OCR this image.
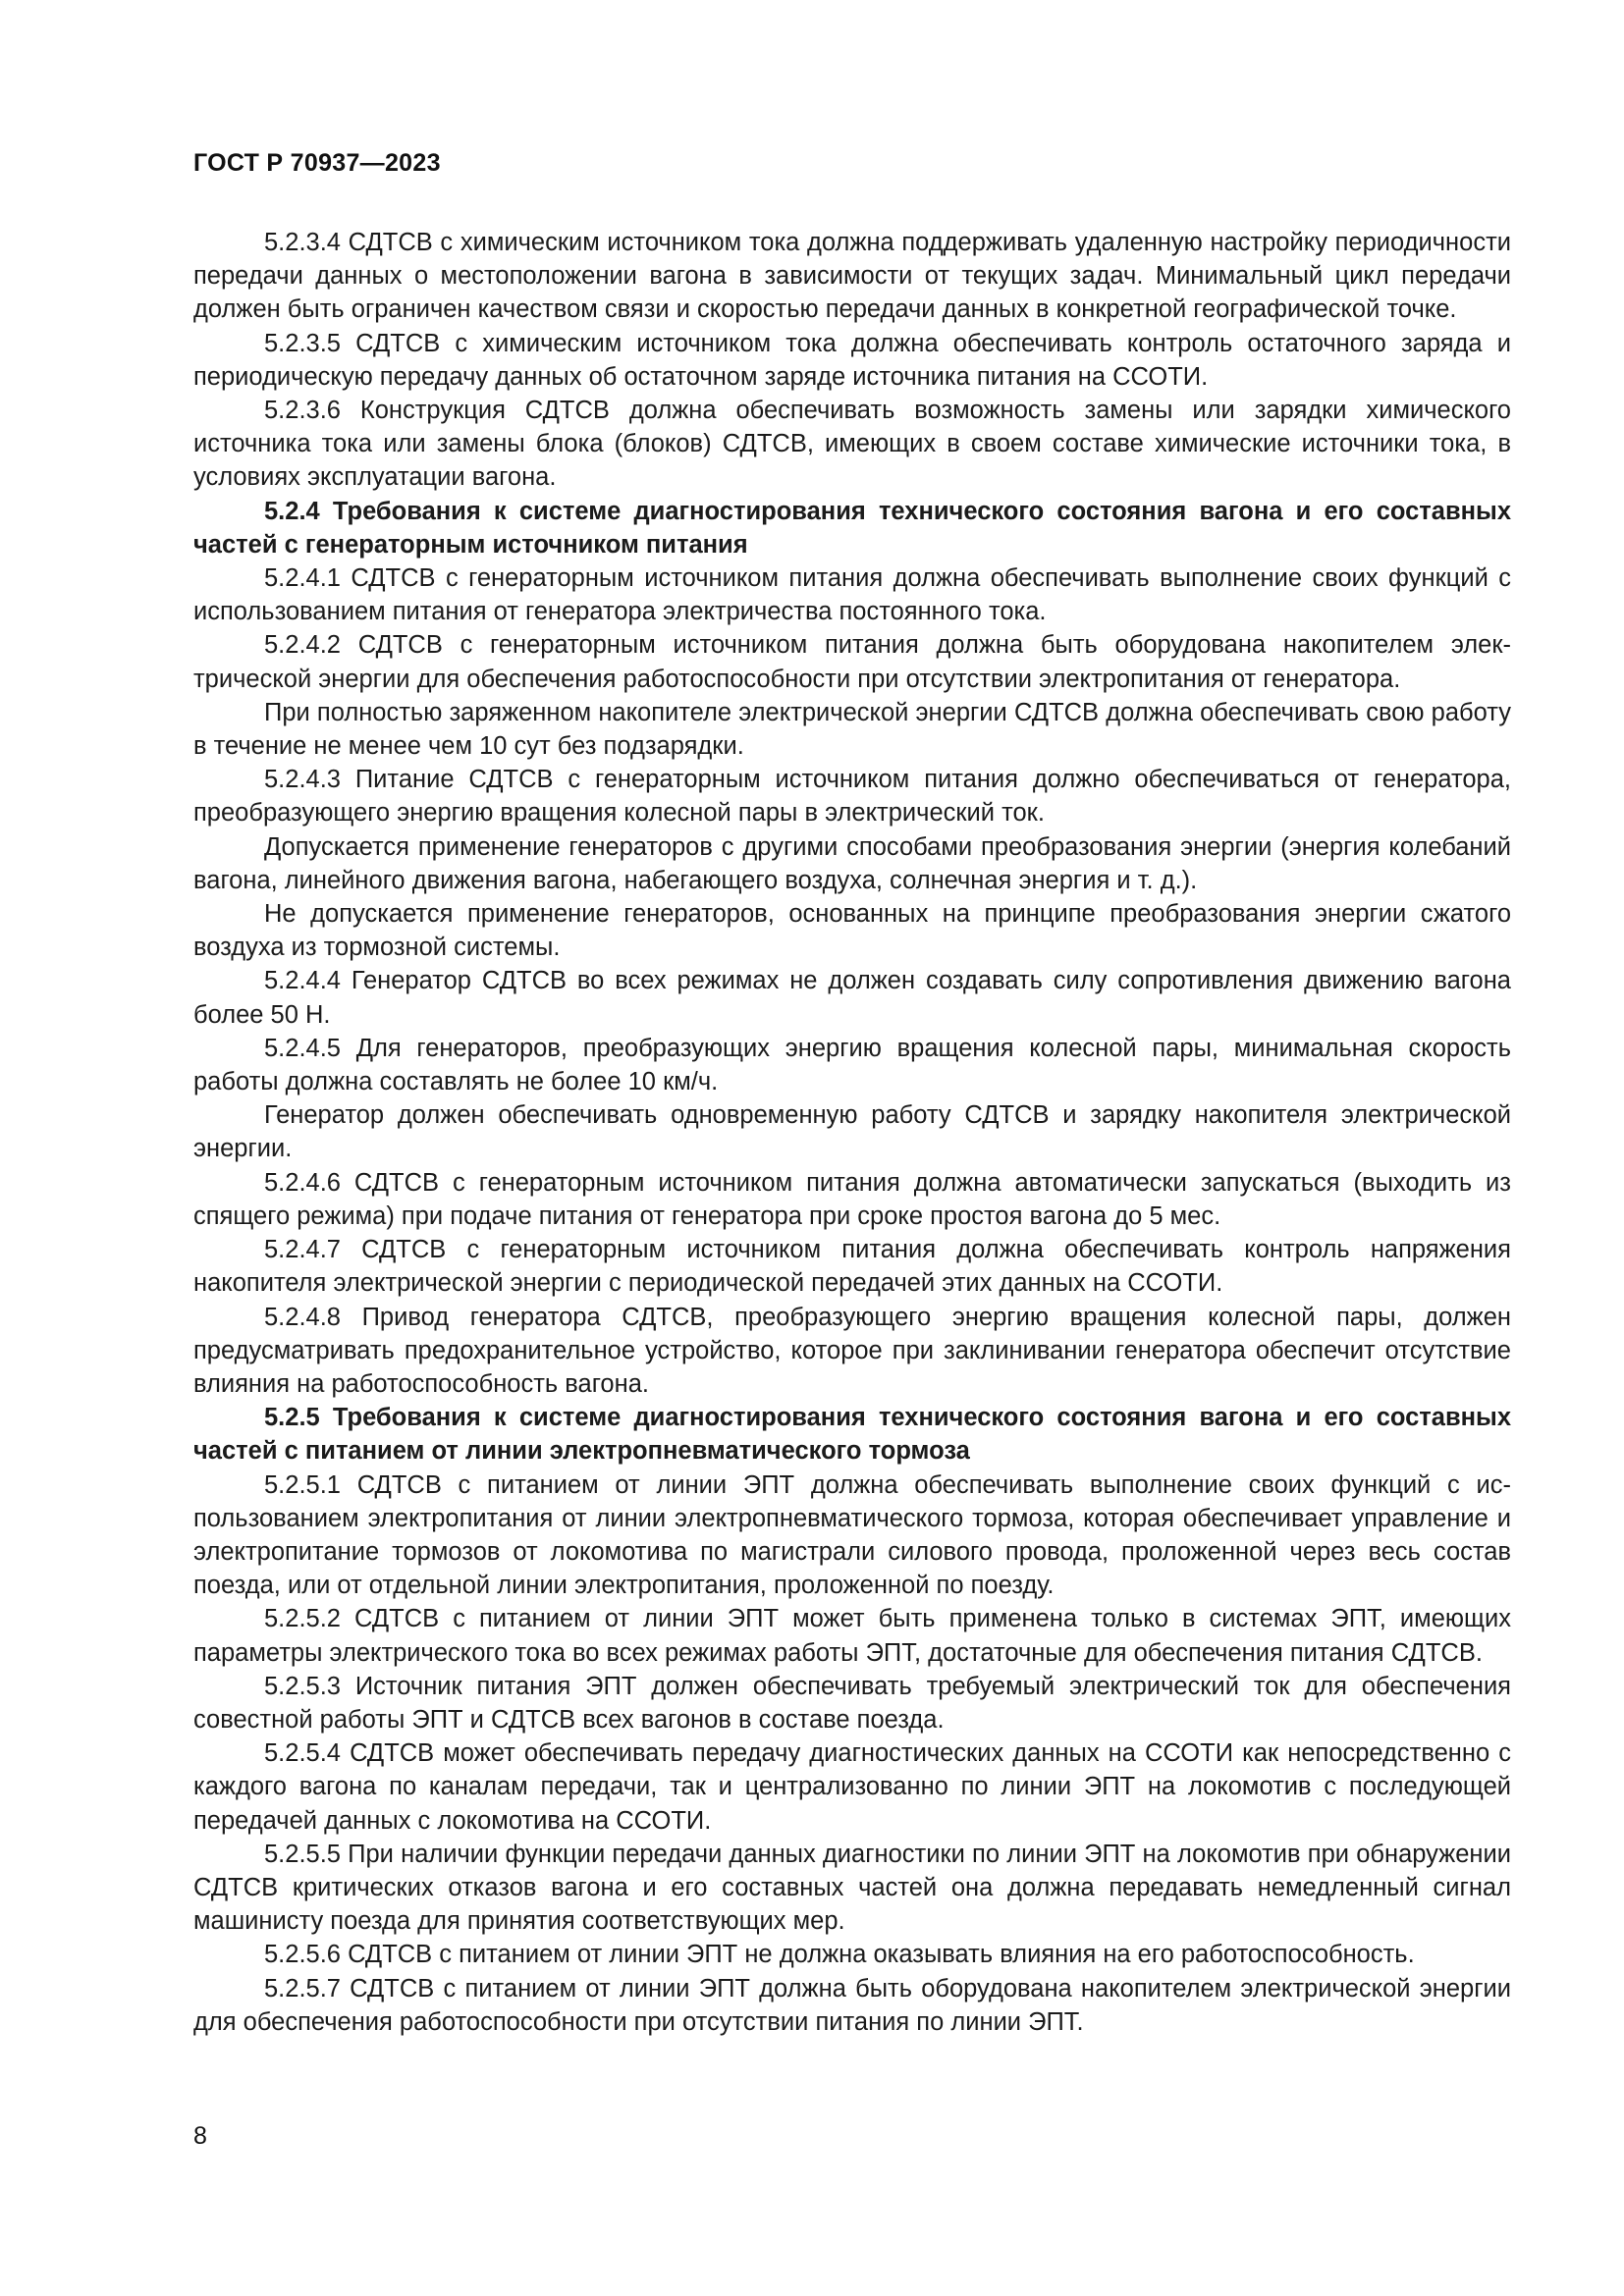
ГОСТ Р 70937—2023

5.2.3.4 СДТСВ с химическим источником тока должна поддерживать удаленную настройку периодичности передачи данных о местоположении вагона в зависимости от текущих задач. Минимальный цикл передачи должен быть ограничен качеством связи и скоростью передачи данных в конкретной географической точке.

5.2.3.5 СДТСВ с химическим источником тока должна обеспечивать контроль остаточного заряда и периодическую передачу данных об остаточном заряде источника питания на ССОТИ.

5.2.3.6 Конструкция СДТСВ должна обеспечивать возможность замены или зарядки химического источника тока или замены блока (блоков) СДТСВ, имеющих в своем составе химические источники тока, в условиях эксплуатации вагона.

5.2.4 Требования к системе диагностирования технического состояния вагона и его составных частей с генераторным источником питания

5.2.4.1 СДТСВ с генераторным источником питания должна обеспечивать выполнение своих функций с использованием питания от генератора электричества постоянного тока.

5.2.4.2 СДТСВ с генераторным источником питания должна быть оборудована накопителем электрической энергии для обеспечения работоспособности при отсутствии электропитания от генератора.

При полностью заряженном накопителе электрической энергии СДТСВ должна обеспечивать свою работу в течение не менее чем 10 сут без подзарядки.

5.2.4.3 Питание СДТСВ с генераторным источником питания должно обеспечиваться от генератора, преобразующего энергию вращения колесной пары в электрический ток.

Допускается применение генераторов с другими способами преобразования энергии (энергия колебаний вагона, линейного движения вагона, набегающего воздуха, солнечная энергия и т. д.).

Не допускается применение генераторов, основанных на принципе преобразования энергии сжатого воздуха из тормозной системы.

5.2.4.4 Генератор СДТСВ во всех режимах не должен создавать силу сопротивления движению вагона более 50 Н.

5.2.4.5 Для генераторов, преобразующих энергию вращения колесной пары, минимальная скорость работы должна составлять не более 10 км/ч.

Генератор должен обеспечивать одновременную работу СДТСВ и зарядку накопителя электрической энергии.

5.2.4.6 СДТСВ с генераторным источником питания должна автоматически запускаться (выходить из спящего режима) при подаче питания от генератора при сроке простоя вагона до 5 мес.

5.2.4.7 СДТСВ с генераторным источником питания должна обеспечивать контроль напряжения накопителя электрической энергии с периодической передачей этих данных на ССОТИ.

5.2.4.8 Привод генератора СДТСВ, преобразующего энергию вращения колесной пары, должен предусматривать предохранительное устройство, которое при заклинивании генератора обеспечит отсутствие влияния на работоспособность вагона.

5.2.5 Требования к системе диагностирования технического состояния вагона и его составных частей с питанием от линии электропневматического тормоза

5.2.5.1 СДТСВ с питанием от линии ЭПТ должна обеспечивать выполнение своих функций с использованием электропитания от линии электропневматического тормоза, которая обеспечивает управление и электропитание тормозов от локомотива по магистрали силового провода, проложенной через весь состав поезда, или от отдельной линии электропитания, проложенной по поезду.

5.2.5.2 СДТСВ с питанием от линии ЭПТ может быть применена только в системах ЭПТ, имеющих параметры электрического тока во всех режимах работы ЭПТ, достаточные для обеспечения питания СДТСВ.

5.2.5.3 Источник питания ЭПТ должен обеспечивать требуемый электрический ток для обеспечения совестной работы ЭПТ и СДТСВ всех вагонов в составе поезда.

5.2.5.4 СДТСВ может обеспечивать передачу диагностических данных на ССОТИ как непосредственно с каждого вагона по каналам передачи, так и централизованно по линии ЭПТ на локомотив с последующей передачей данных с локомотива на ССОТИ.

5.2.5.5 При наличии функции передачи данных диагностики по линии ЭПТ на локомотив при обнаружении СДТСВ критических отказов вагона и его составных частей она должна передавать немедленный сигнал машинисту поезда для принятия соответствующих мер.

5.2.5.6 СДТСВ с питанием от линии ЭПТ не должна оказывать влияния на его работоспособность.

5.2.5.7 СДТСВ с питанием от линии ЭПТ должна быть оборудована накопителем электрической энергии для обеспечения работоспособности при отсутствии питания по линии ЭПТ.

8
